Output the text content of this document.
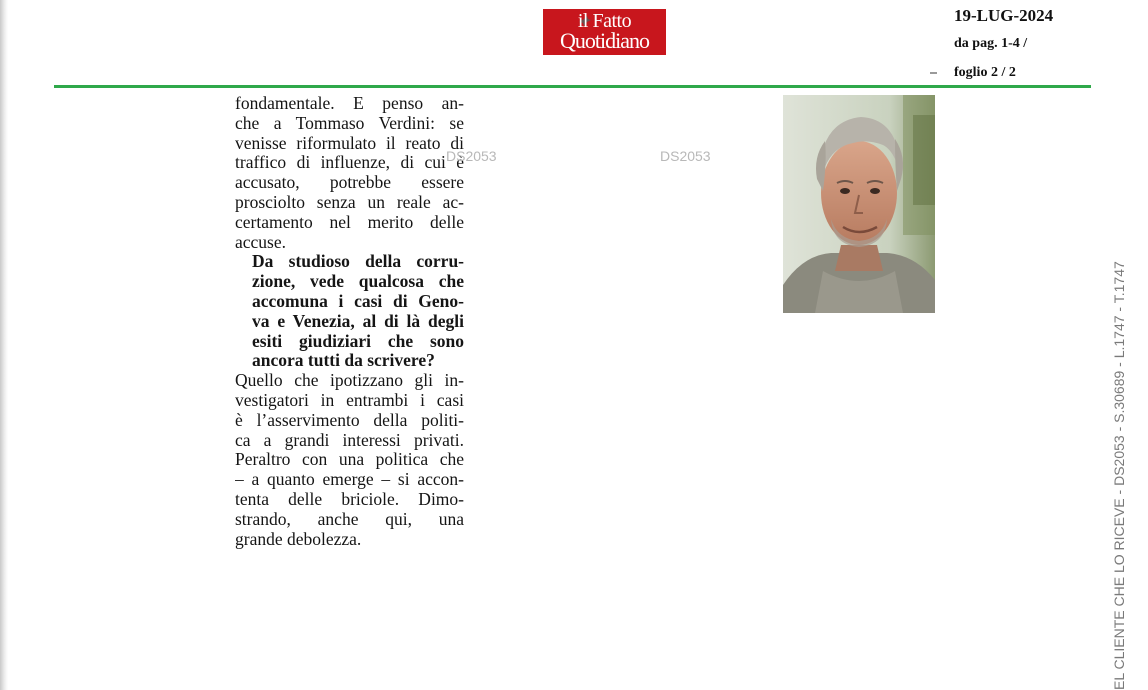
il Fatto
Quotidiano
19-LUG-2024
da pag. 1-4 /
foglio 2 / 2
fondamentale. E penso an-
che a Tommaso Verdini: se
venisse riformulato il reato di
traffico di influenze, di cui è
accusato, potrebbe essere
prosciolto senza un reale ac-
certamento nel merito delle
accuse.
Da studioso della corru-
zione, vede qualcosa che
accomuna i casi di Geno-
va e Venezia, al di là degli
esiti giudiziari che sono
ancora tutti da scrivere?
Quello che ipotizzano gli in-
vestigatori in entrambi i casi
è l’asservimento della politi-
ca a grandi interessi privati.
Peraltro con una politica che
– a quanto emerge – si accon-
tenta delle briciole. Dimo-
strando, anche qui, una
grande debolezza.
DS2053	DS2053
EL CLIENTE CHE LO RICEVE - DS2053 - S.30689 - L.1747 - T.1747
